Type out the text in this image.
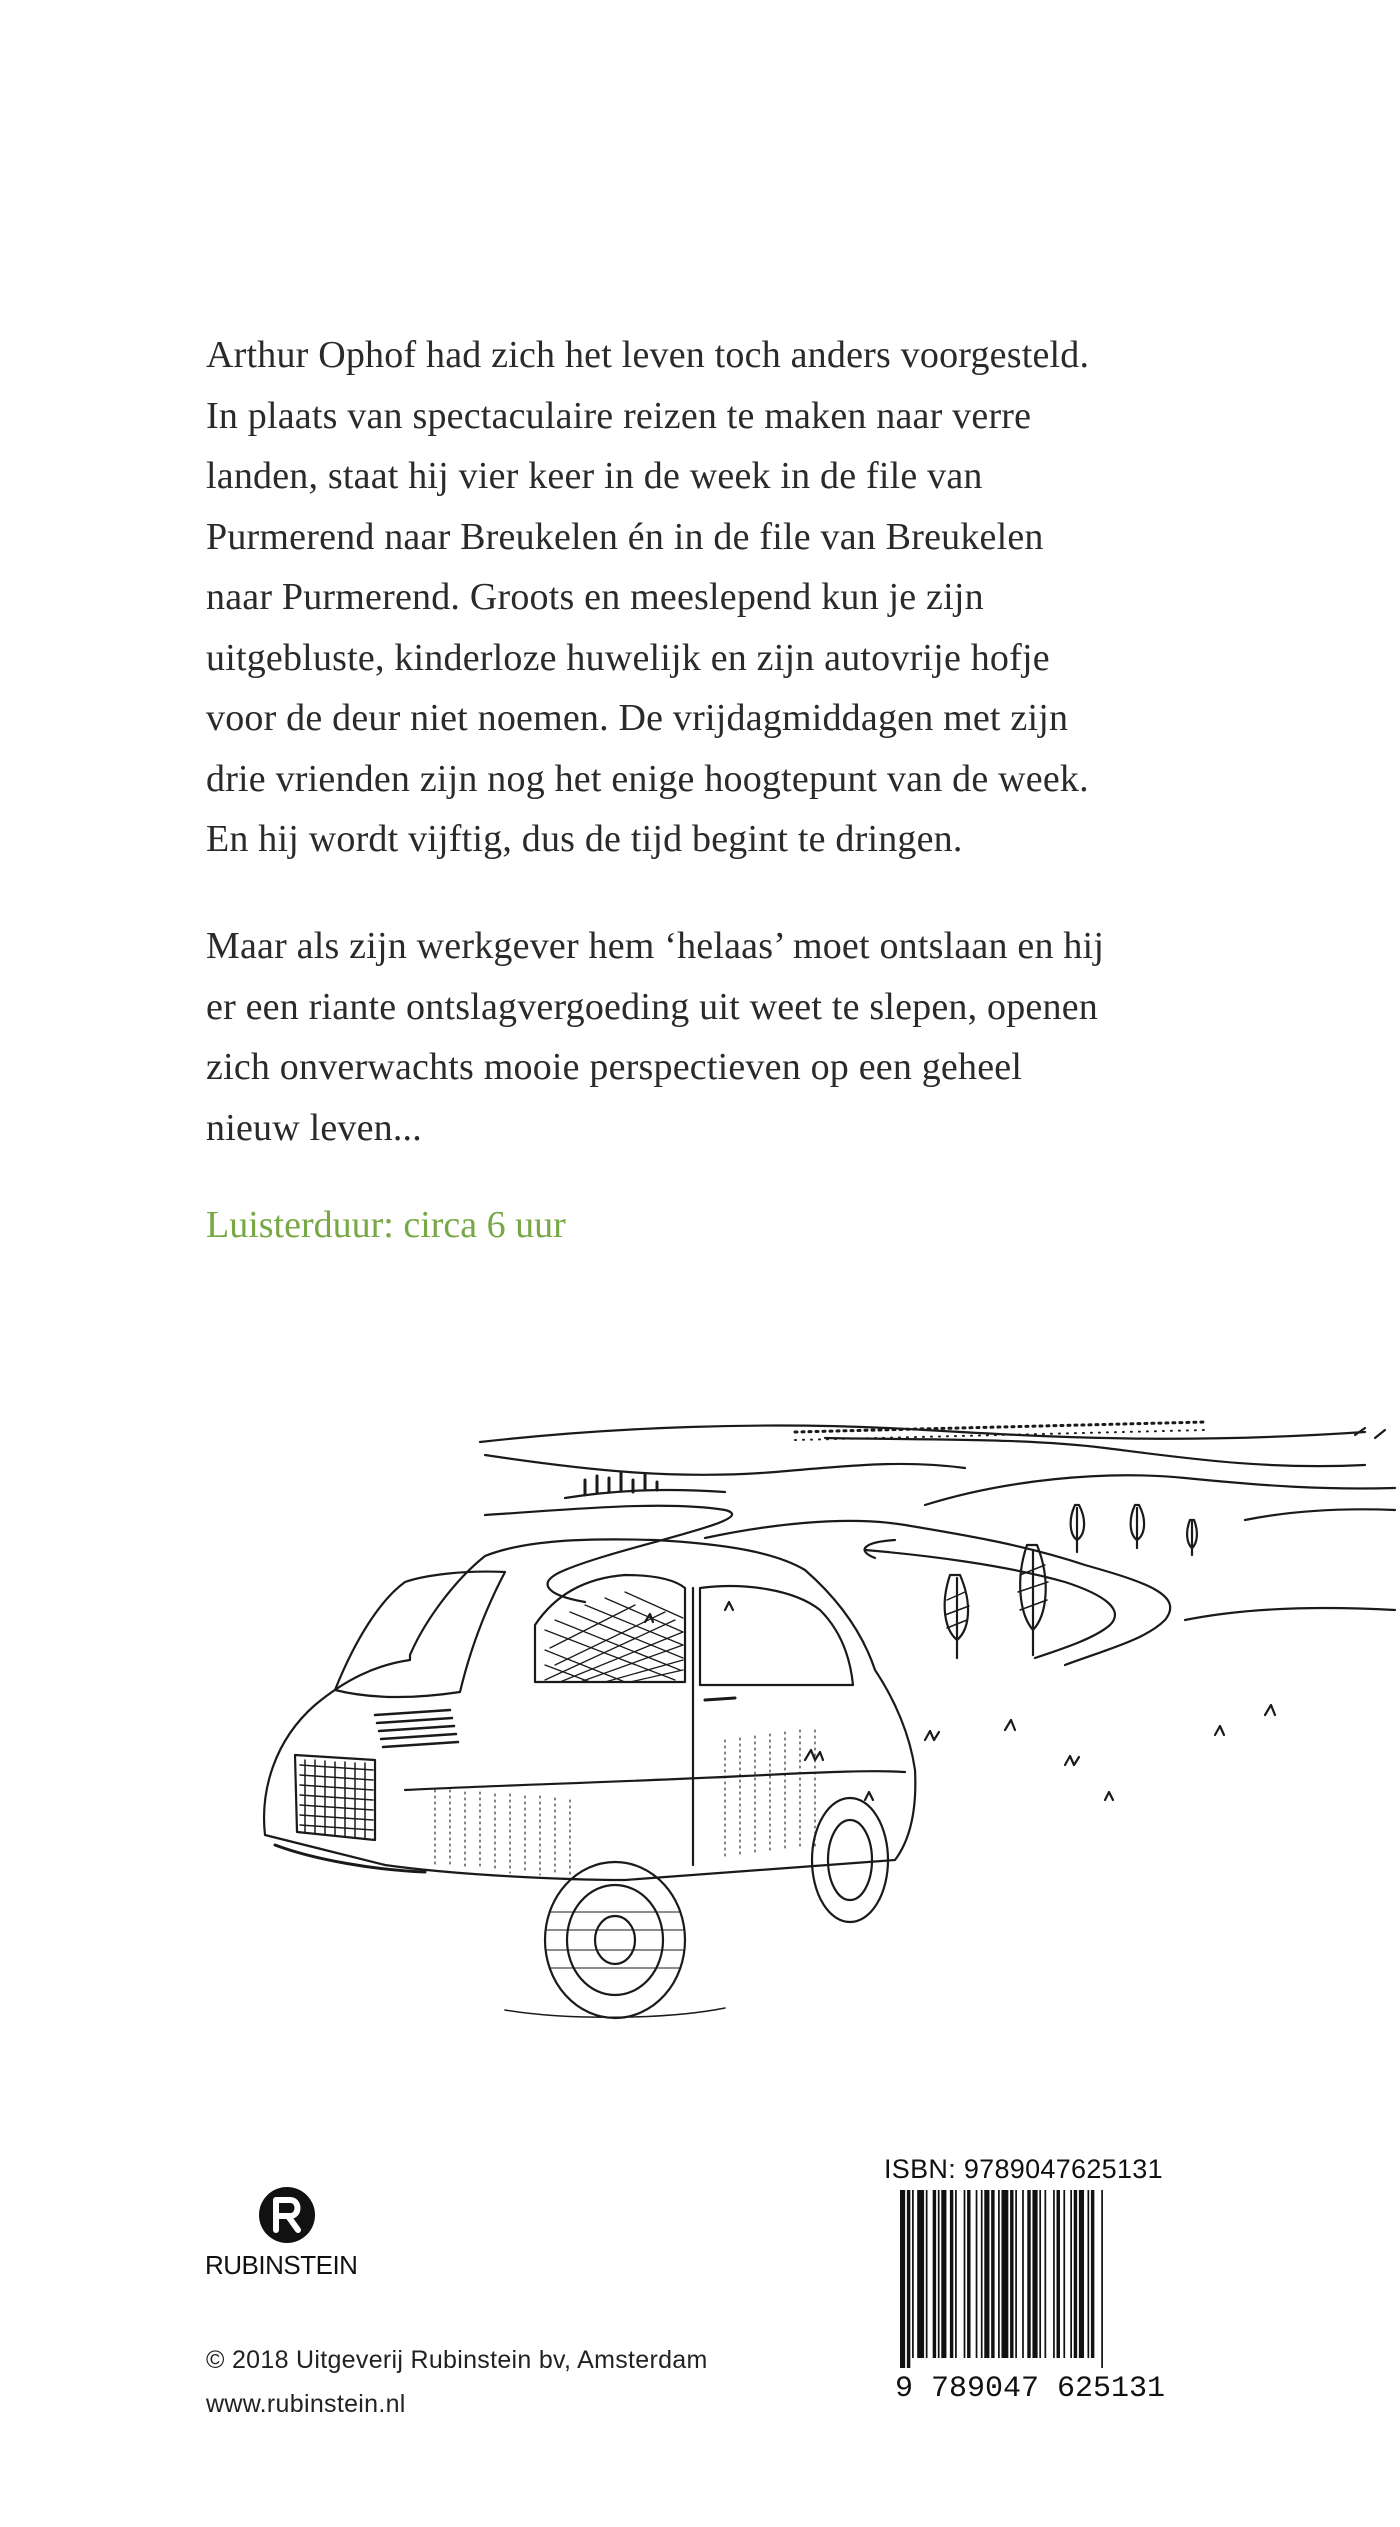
Arthur Ophof had zich het leven toch anders voorgesteld.
In plaats van spectaculaire reizen te maken naar verre
landen, staat hij vier keer in de week in de file van
Purmerend naar Breukelen én in de file van Breukelen
naar Purmerend. Groots en meeslepend kun je zijn
uitgebluste, kinderloze huwelijk en zijn autovrije hofje
voor de deur niet noemen. De vrijdagmiddagen met zijn
drie vrienden zijn nog het enige hoogtepunt van de week.
En hij wordt vijftig, dus de tijd begint te dringen.
Maar als zijn werkgever hem ‘helaas’ moet ontslaan en hij
er een riante ontslagvergoeding uit weet te slepen, openen
zich onverwachts mooie perspectieven op een geheel
nieuw leven...
Luisterduur: circa 6 uur
RUBINSTEIN
© 2018 Uitgeverij Rubinstein bv, Amsterdam
www.rubinstein.nl
ISBN: 9789047625131
9 789047 625131
